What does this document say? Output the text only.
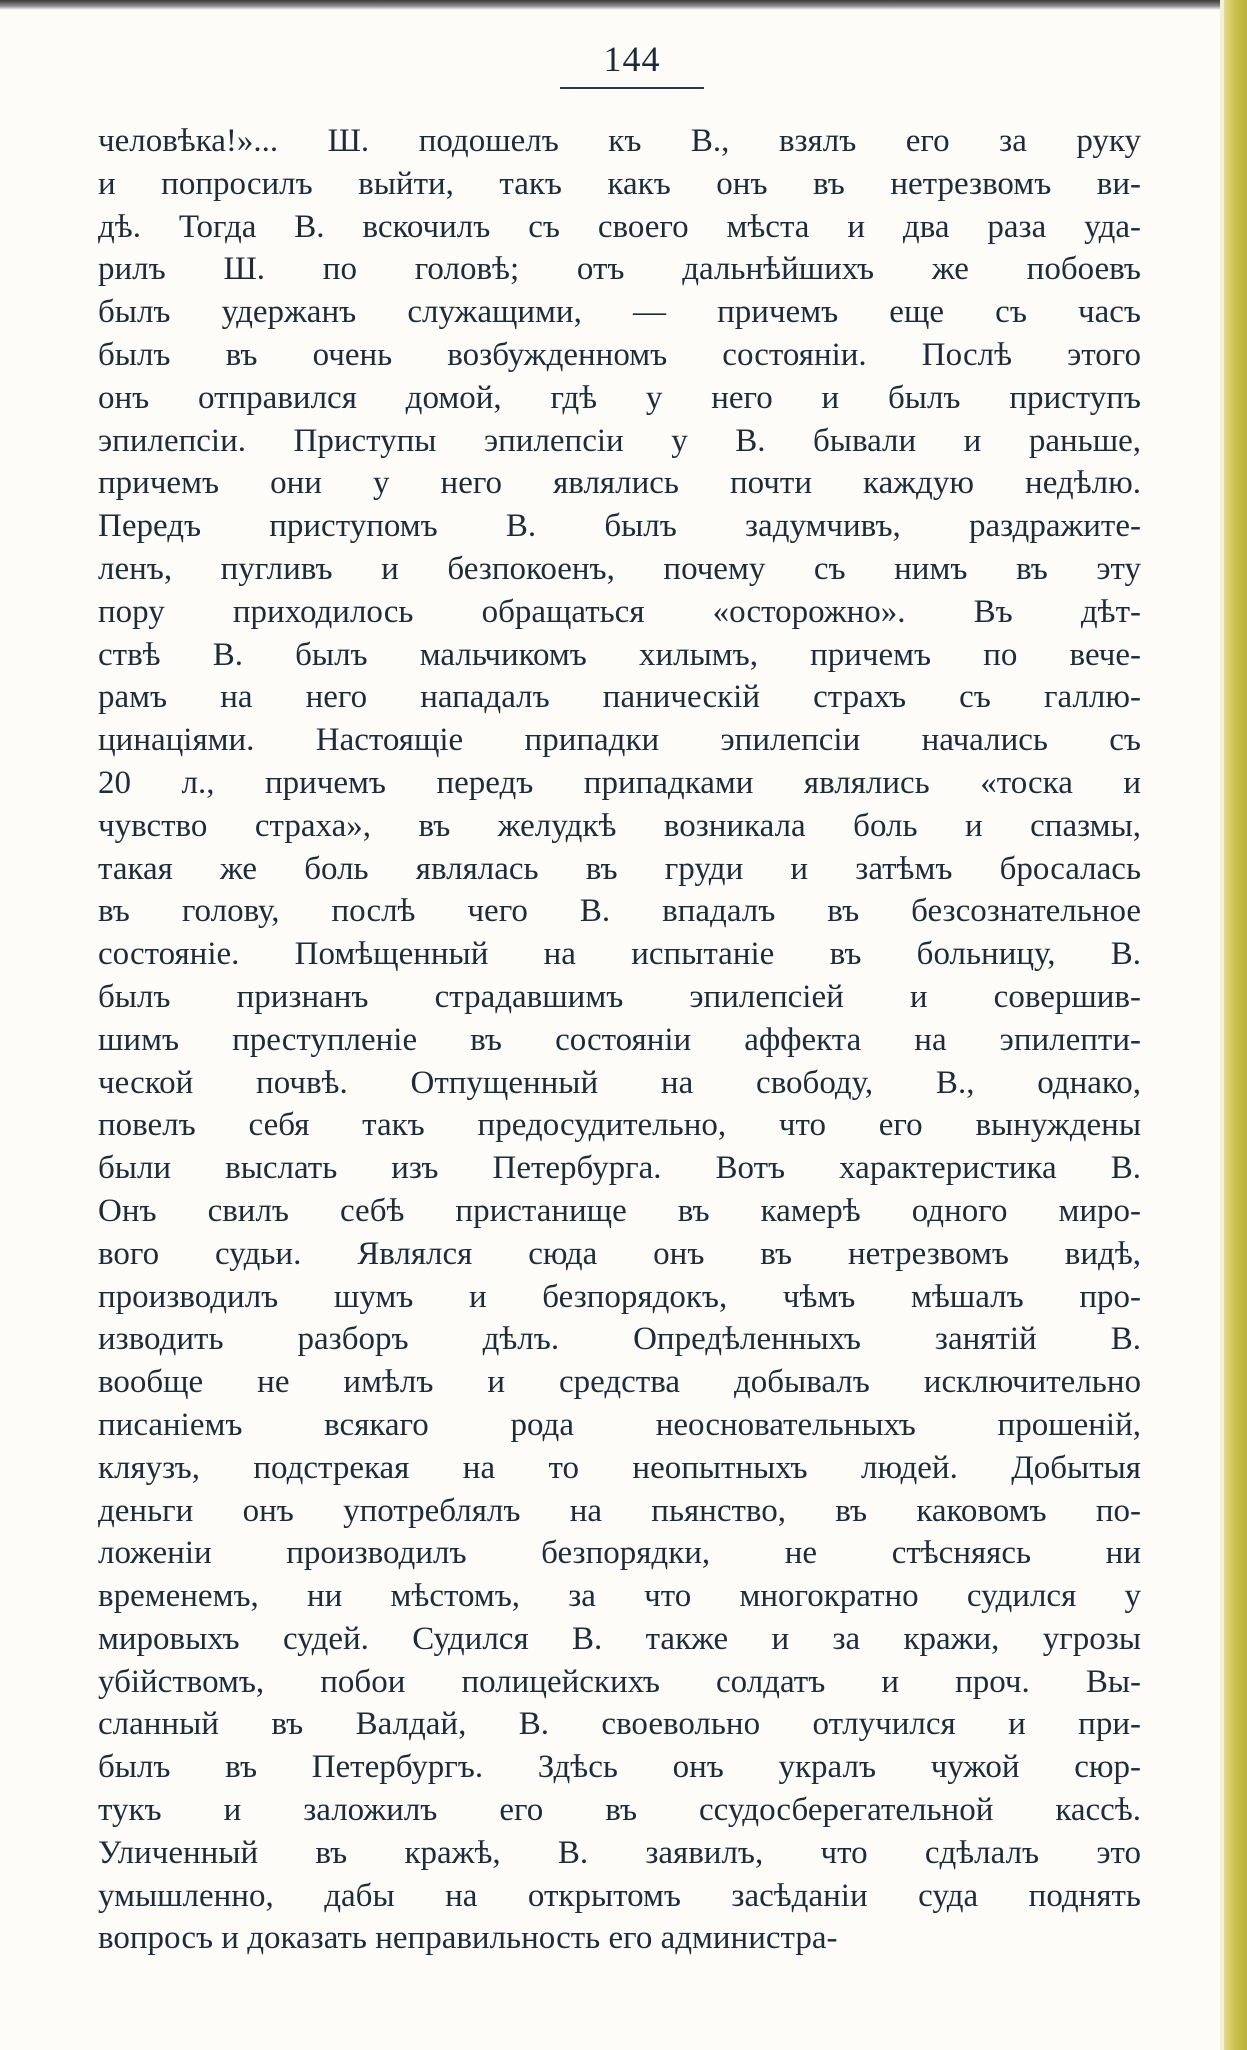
144
человѣка!»... Ш. подошелъ къ В., взялъ его за руку
и попросилъ выйти, такъ какъ онъ въ нетрезвомъ ви-
дѣ. Тогда В. вскочилъ съ своего мѣста и два раза уда-
рилъ Ш. по головѣ; отъ дальнѣйшихъ же побоевъ
былъ удержанъ служащими, — причемъ еще съ часъ
былъ въ очень возбужденномъ состояніи. Послѣ этого
онъ отправился домой, гдѣ у него и былъ приступъ
эпилепсіи. Приступы эпилепсіи у В. бывали и раньше,
причемъ они у него являлись почти каждую недѣлю.
Передъ приступомъ В. былъ задумчивъ, раздражите-
ленъ, пугливъ и безпокоенъ, почему съ нимъ въ эту
пору приходилось обращаться «осторожно». Въ дѣт-
ствѣ В. былъ мальчикомъ хилымъ, причемъ по вече-
рамъ на него нападалъ паническій страхъ съ галлю-
цинаціями. Настоящіе припадки эпилепсіи начались съ
20 л., причемъ передъ припадками являлись «тоска и
чувство страха», въ желудкѣ возникала боль и спазмы,
такая же боль являлась въ груди и затѣмъ бросалась
въ голову, послѣ чего В. впадалъ въ безсознательное
состояніе. Помѣщенный на испытаніе въ больницу, В.
былъ признанъ страдавшимъ эпилепсіей и совершив-
шимъ преступленіе въ состояніи аффекта на эпилепти-
ческой почвѣ. Отпущенный на свободу, В., однако,
повелъ себя такъ предосудительно, что его вынуждены
были выслать изъ Петербурга. Вотъ характеристика В.
Онъ свилъ себѣ пристанище въ камерѣ одного миро-
вого судьи. Являлся сюда онъ въ нетрезвомъ видѣ,
производилъ шумъ и безпорядокъ, чѣмъ мѣшалъ про-
изводить разборъ дѣлъ. Опредѣленныхъ занятій В.
вообще не имѣлъ и средства добывалъ исключительно
писаніемъ всякаго рода неосновательныхъ прошеній,
кляузъ, подстрекая на то неопытныхъ людей. Добытыя
деньги онъ употреблялъ на пьянство, въ каковомъ по-
ложеніи производилъ безпорядки, не стѣсняясь ни
временемъ, ни мѣстомъ, за что многократно судился у
мировыхъ судей. Судился В. также и за кражи, угрозы
убійствомъ, побои полицейскихъ солдатъ и проч. Вы-
сланный въ Валдай, В. своевольно отлучился и при-
былъ въ Петербургъ. Здѣсь онъ укралъ чужой сюр-
тукъ и заложилъ его въ ссудосберегательной кассѣ.
Уличенный въ кражѣ, В. заявилъ, что сдѣлалъ это
умышленно, дабы на открытомъ засѣданіи суда поднять
вопросъ и доказать неправильность его администра-
